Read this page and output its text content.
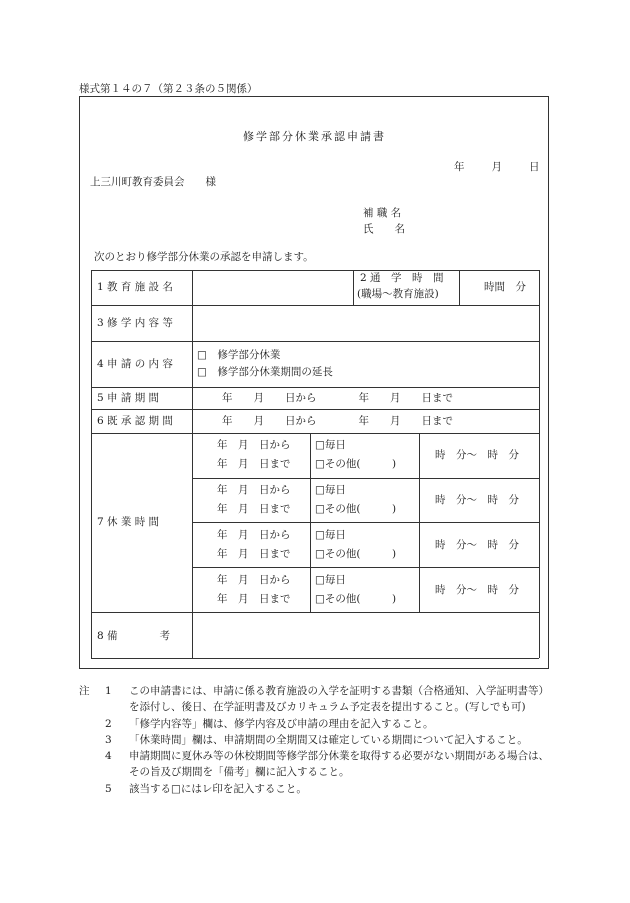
様式第１４の７（第２３条の５関係）
修学部分休業承認申請書
年　　月　　日
上三川町教育委員会　　様
補 職 名
氏　　名
次のとおり修学部分休業の承認を申請します。
1 教 育 施 設 名
2 通　学　時　間
(職場～教育施設)
時間　分
3 修 学 内 容 等
4 申 請 の 内 容
□　修学部分休業
□　修学部分休業期間の延長
5 申 請 期 間	年　　月　　日から　　　　年　　月　　日まで
6 既 承 認 期 間	年　　月　　日から　　　　年　　月　　日まで
7 休 業 時 間
年　月　日から
年　月　日まで
□毎日
□その他(　　　)
時　分～　時　分
年　月　日から
年　月　日まで
□毎日
□その他(　　　)
時　分～　時　分
年　月　日から
年　月　日まで
□毎日
□その他(　　　)
時　分～　時　分
年　月　日から
年　月　日まで
□毎日
□その他(　　　)
時　分～　時　分
8 備　　　　考
注 1 この申請書には、申請に係る教育施設の入学を証明する書類（合格通知、入学証明書等）を添付し、後日、在学証明書及びカリキュラム予定表を提出すること。(写しでも可)
2 「修学内容等」欄は、修学内容及び申請の理由を記入すること。
3 「休業時間」欄は、申請期間の全期間又は確定している期間について記入すること。
4 申請期間に夏休み等の休校期間等修学部分休業を取得する必要がない期間がある場合は、その旨及び期間を「備考」欄に記入すること。
5 該当する□にはレ印を記入すること。
